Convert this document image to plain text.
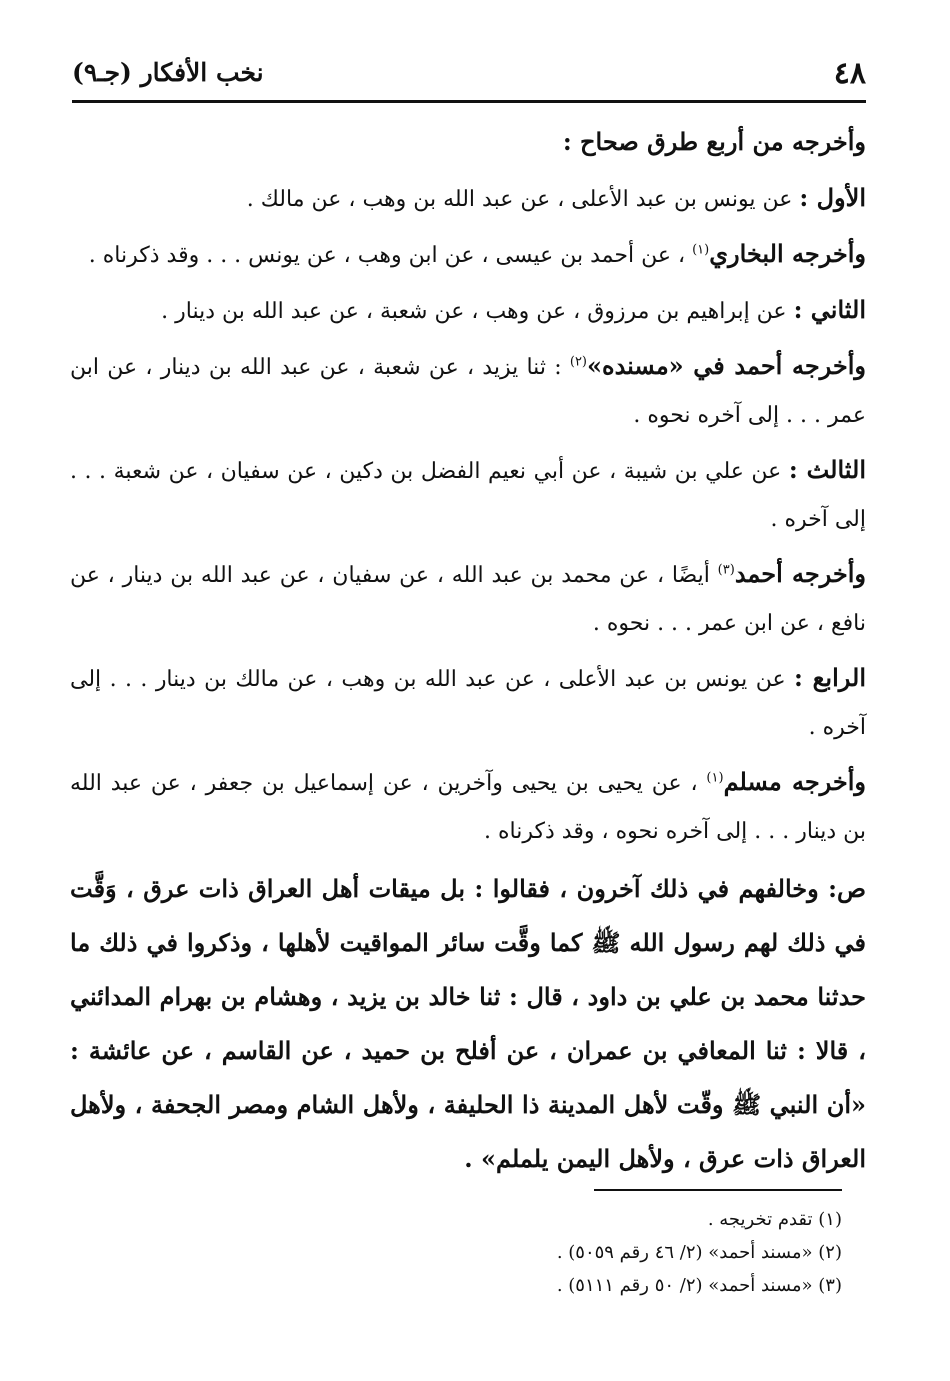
٤٨
نخب الأفكار (جـ٩)

وأخرجه من أربع طرق صحاح :

الأول : عن يونس بن عبد الأعلى ، عن عبد الله بن وهب ، عن مالك .

وأخرجه البخاري$^{(١)}$ ، عن أحمد بن عيسى ، عن ابن وهب ، عن يونس . . . وقد ذكرناه .

الثاني : عن إبراهيم بن مرزوق ، عن وهب ، عن شعبة ، عن عبد الله بن دينار .

وأخرجه أحمد في «مسنده»$^{(٢)}$ : ثنا يزيد ، عن شعبة ، عن عبد الله بن دينار ، عن ابن عمر . . . إلى آخره نحوه .

الثالث : عن علي بن شيبة ، عن أبي نعيم الفضل بن دكين ، عن سفيان ، عن شعبة . . . إلى آخره .

وأخرجه أحمد$^{(٣)}$ أيضًا ، عن محمد بن عبد الله ، عن سفيان ، عن عبد الله بن دينار ، عن نافع ، عن ابن عمر . . . نحوه .

الرابع : عن يونس بن عبد الأعلى ، عن عبد الله بن وهب ، عن مالك بن دينار . . . إلى آخره .

وأخرجه مسلم$^{(١)}$ ، عن يحيى بن يحيى وآخرين ، عن إسماعيل بن جعفر ، عن عبد الله بن دينار . . . إلى آخره نحوه ، وقد ذكرناه .

ص: وخالفهم في ذلك آخرون ، فقالوا : بل ميقات أهل العراق ذات عرق ، وَقَّت في ذلك لهم رسول الله ﷺ كما وقَّت سائر المواقيت لأهلها ، وذكروا في ذلك ما حدثنا محمد بن علي بن داود ، قال : ثنا خالد بن يزيد ، وهشام بن بهرام المدائني ، قالا : ثنا المعافي بن عمران ، عن أفلح بن حميد ، عن القاسم ، عن عائشة : «أن النبي ﷺ وقّت لأهل المدينة ذا الحليفة ، ولأهل الشام ومصر الجحفة ، ولأهل العراق ذات عرق ، ولأهل اليمن يلملم» .

(١) تقدم تخريجه .
(٢) «مسند أحمد» (٢/ ٤٦ رقم ٥٠٥٩) .
(٣) «مسند أحمد» (٢/ ٥٠ رقم ٥١١١) .
